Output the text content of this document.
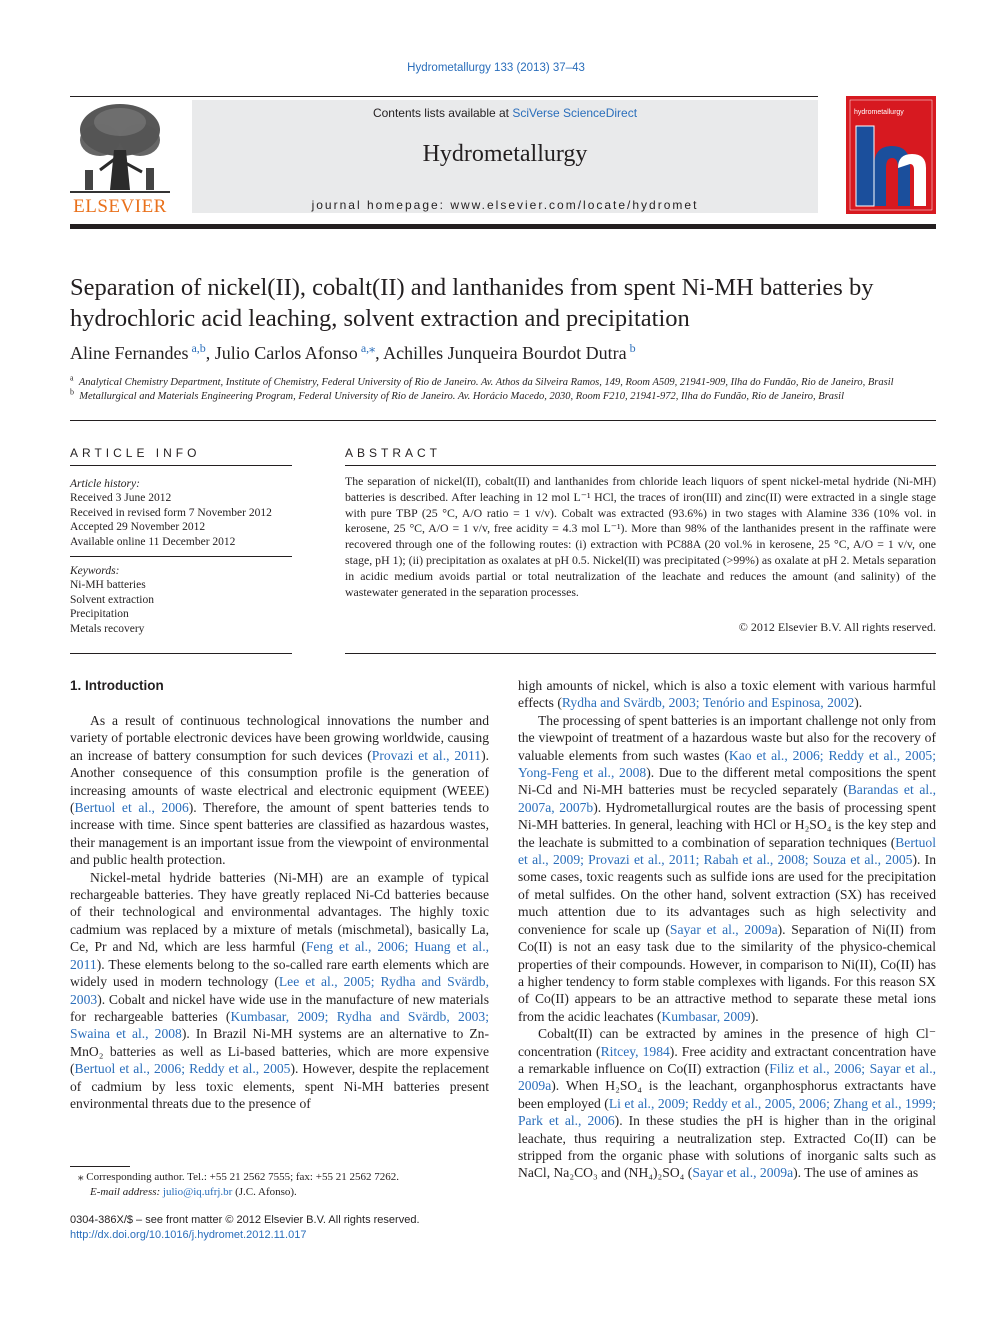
Hydrometallurgy 133 (2013) 37–43
ELSEVIER
Contents lists available at SciVerse ScienceDirect
Hydrometallurgy
journal homepage: www.elsevier.com/locate/hydromet
hydrometallurgy
Separation of nickel(II), cobalt(II) and lanthanides from spent Ni-MH batteries by hydrochloric acid leaching, solvent extraction and precipitation
Aline Fernandes $^{a,b}$, Julio Carlos Afonso $^{a,⁎}$, Achilles Junqueira Bourdot Dutra $^b$
$^a$ Analytical Chemistry Department, Institute of Chemistry, Federal University of Rio de Janeiro. Av. Athos da Silveira Ramos, 149, Room A509, 21941-909, Ilha do Fundão, Rio de Janeiro, Brasil
$^b$ Metallurgical and Materials Engineering Program, Federal University of Rio de Janeiro. Av. Horácio Macedo, 2030, Room F210, 21941-972, Ilha do Fundão, Rio de Janeiro, Brasil
ARTICLE INFO
Article history:
Received 3 June 2012
Received in revised form 7 November 2012
Accepted 29 November 2012
Available online 11 December 2012
Keywords:
Ni-MH batteries
Solvent extraction
Precipitation
Metals recovery
ABSTRACT
The separation of nickel(II), cobalt(II) and lanthanides from chloride leach liquors of spent nickel-metal hydride (Ni-MH) batteries is described. After leaching in 12 mol L⁻¹ HCl, the traces of iron(III) and zinc(II) were extracted in a single stage with pure TBP (25 °C, A/O ratio = 1 v/v). Cobalt was extracted (93.6%) in two stages with Alamine 336 (10% vol. in kerosene, 25 °C, A/O = 1 v/v, free acidity = 4.3 mol L⁻¹). More than 98% of the lanthanides present in the raffinate were recovered through one of the following routes: (i) extraction with PC88A (20 vol.% in kerosene, 25 °C, A/O = 1 v/v, one stage, pH 1); (ii) precipitation as oxalates at pH 0.5. Nickel(II) was precipitated (>99%) as oxalate at pH 2. Metals separation in acidic medium avoids partial or total neutralization of the leachate and reduces the amount (and salinity) of the wastewater generated in the separation processes.
© 2012 Elsevier B.V. All rights reserved.
1. Introduction

As a result of continuous technological innovations the number and variety of portable electronic devices have been growing worldwide, causing an increase of battery consumption for such devices (Provazi et al., 2011). Another consequence of this consumption profile is the generation of increasing amounts of waste electrical and electronic equipment (WEEE) (Bertuol et al., 2006). Therefore, the amount of spent batteries tends to increase with time. Since spent batteries are classified as hazardous wastes, their management is an important issue from the viewpoint of environmental and public health protection.

Nickel-metal hydride batteries (Ni-MH) are an example of typical rechargeable batteries. They have greatly replaced Ni-Cd batteries because of their technological and environmental advantages. The highly toxic cadmium was replaced by a mixture of metals (mischmetal), basically La, Ce, Pr and Nd, which are less harmful (Feng et al., 2006; Huang et al., 2011). These elements belong to the so-called rare earth elements which are widely used in modern technology (Lee et al., 2005; Rydha and Svärdb, 2003). Cobalt and nickel have wide use in the manufacture of new materials for rechargeable batteries (Kumbasar, 2009; Rydha and Svärdb, 2003; Swaina et al., 2008). In Brazil Ni-MH systems are an alternative to Zn-MnO₂ batteries as well as Li-based batteries, which are more expensive (Bertuol et al., 2006; Reddy et al., 2005). However, despite the replacement of cadmium by less toxic elements, spent Ni-MH batteries present environmental threats due to the presence of

high amounts of nickel, which is also a toxic element with various harmful effects (Rydha and Svärdb, 2003; Tenório and Espinosa, 2002).

The processing of spent batteries is an important challenge not only from the viewpoint of treatment of a hazardous waste but also for the recovery of valuable elements from such wastes (Kao et al., 2006; Reddy et al., 2005; Yong-Feng et al., 2008). Due to the different metal compositions the spent Ni-Cd and Ni-MH batteries must be recycled separately (Barandas et al., 2007a, 2007b). Hydrometallurgical routes are the basis of processing spent Ni-MH batteries. In general, leaching with HCl or H₂SO₄ is the key step and the leachate is submitted to a combination of separation techniques (Bertuol et al., 2009; Provazi et al., 2011; Rabah et al., 2008; Souza et al., 2005). In some cases, toxic reagents such as sulfide ions are used for the precipitation of metal sulfides. On the other hand, solvent extraction (SX) has received much attention due to its advantages such as high selectivity and convenience for scale up (Sayar et al., 2009a). Separation of Ni(II) from Co(II) is not an easy task due to the similarity of the physico-chemical properties of their compounds. However, in comparison to Ni(II), Co(II) has a higher tendency to form stable complexes with ligands. For this reason SX of Co(II) appears to be an attractive method to separate these metal ions from the acidic leachates (Kumbasar, 2009).

Cobalt(II) can be extracted by amines in the presence of high Cl⁻ concentration (Ritcey, 1984). Free acidity and extractant concentration have a remarkable influence on Co(II) extraction (Filiz et al., 2006; Sayar et al., 2009a). When H₂SO₄ is the leachant, organphosphorus extractants have been employed (Li et al., 2009; Reddy et al., 2005, 2006; Zhang et al., 1999; Park et al., 2006). In these studies the pH is higher than in the original leachate, thus requiring a neutralization step. Extracted Co(II) can be stripped from the organic phase with solutions of inorganic salts such as NaCl, Na₂CO₃ and (NH₄)₂SO₄ (Sayar et al., 2009a). The use of amines as

⁎ Corresponding author. Tel.: +55 21 2562 7555; fax: +55 21 2562 7262.
E-mail address: julio@iq.ufrj.br (J.C. Afonso).
0304-386X/$ – see front matter © 2012 Elsevier B.V. All rights reserved.
http://dx.doi.org/10.1016/j.hydromet.2012.11.017
